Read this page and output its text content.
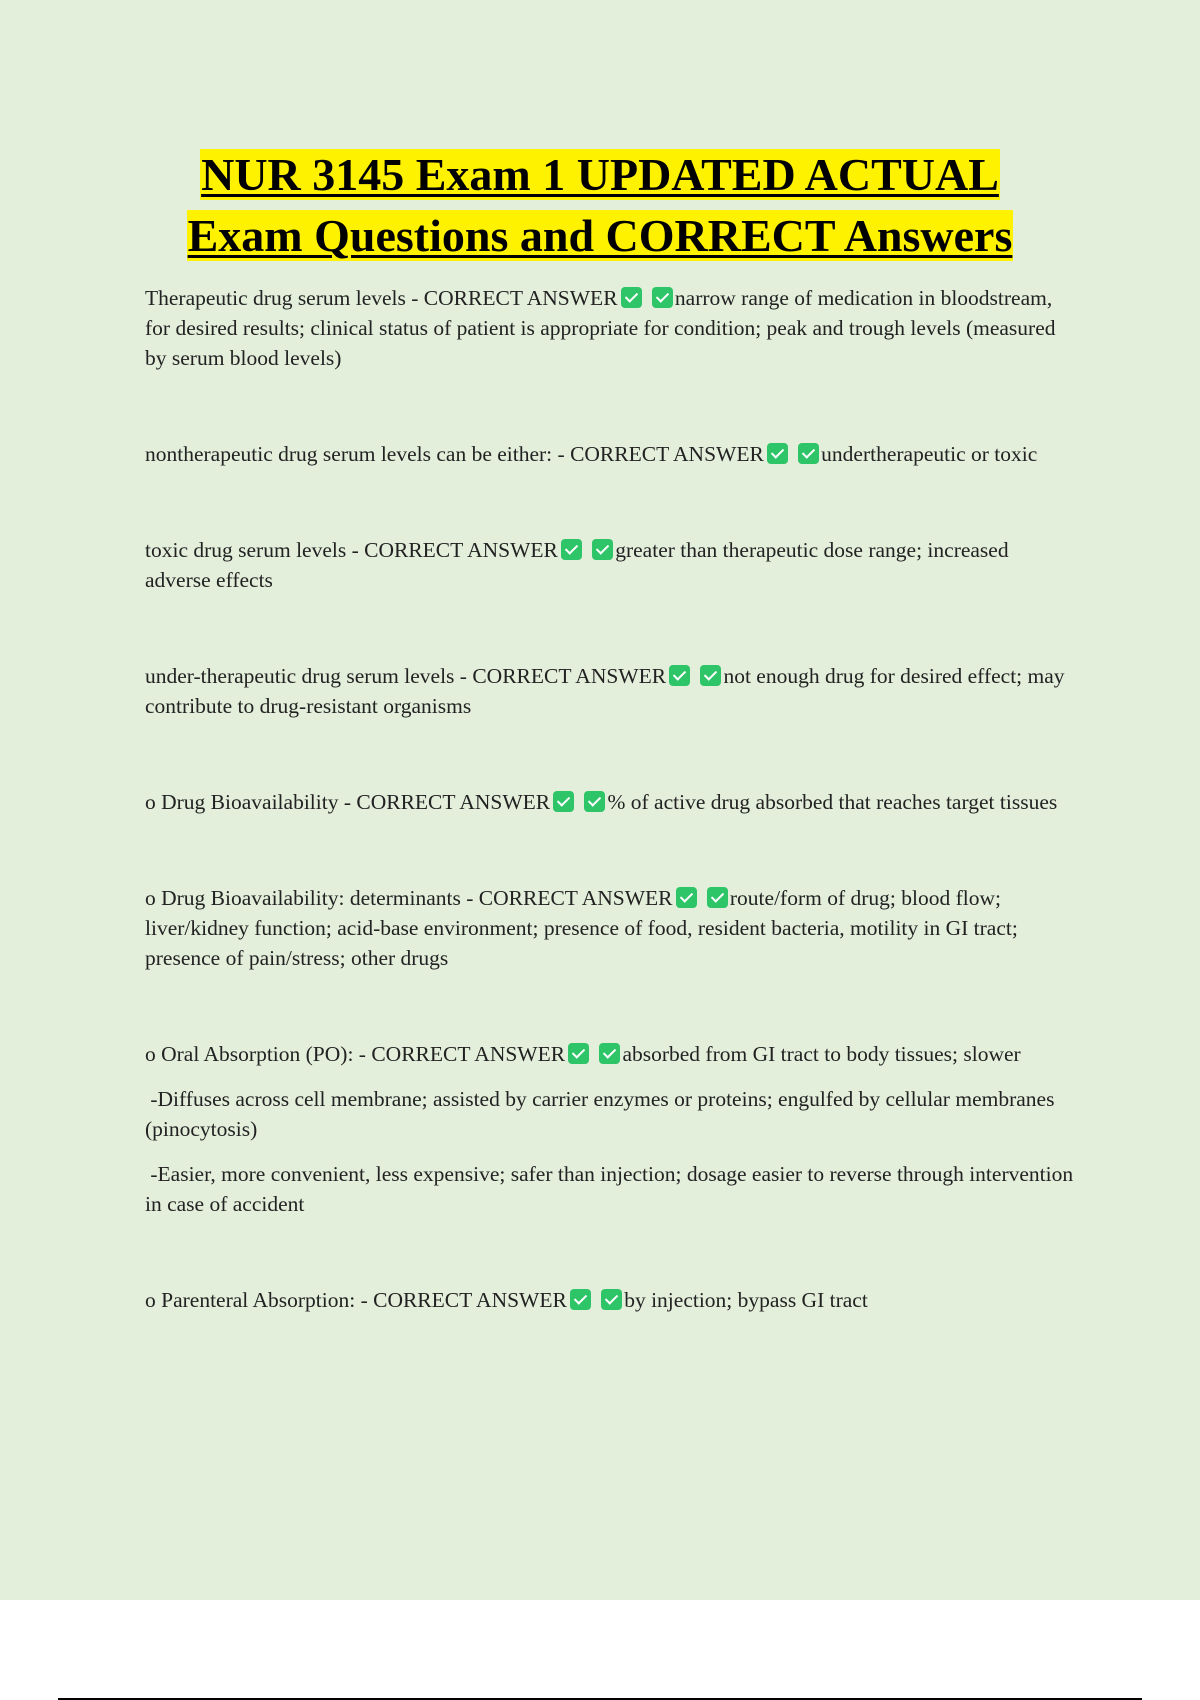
NUR 3145 Exam 1 UPDATED ACTUAL
Exam Questions and CORRECT Answers

Therapeutic drug serum levels - CORRECT ANSWER	narrow range of medication in bloodstream, for desired results; clinical status of patient is appropriate for condition; peak and trough levels (measured by serum blood levels)

nontherapeutic drug serum levels can be either: - CORRECT ANSWER	undertherapeutic or toxic

toxic drug serum levels - CORRECT ANSWER	greater than therapeutic dose range; increased adverse effects

under-therapeutic drug serum levels - CORRECT ANSWER	not enough drug for desired effect; may contribute to drug-resistant organisms

o Drug Bioavailability - CORRECT ANSWER	% of active drug absorbed that reaches target tissues

o Drug Bioavailability: determinants - CORRECT ANSWER	route/form of drug; blood flow; liver/kidney function; acid-base environment; presence of food, resident bacteria, motility in GI tract; presence of pain/stress; other drugs

o Oral Absorption (PO): - CORRECT ANSWER	absorbed from GI tract to body tissues; slower

-Diffuses across cell membrane; assisted by carrier enzymes or proteins; engulfed by cellular membranes (pinocytosis)

-Easier, more convenient, less expensive; safer than injection; dosage easier to reverse through intervention in case of accident

o Parenteral Absorption: - CORRECT ANSWER	by injection; bypass GI tract
